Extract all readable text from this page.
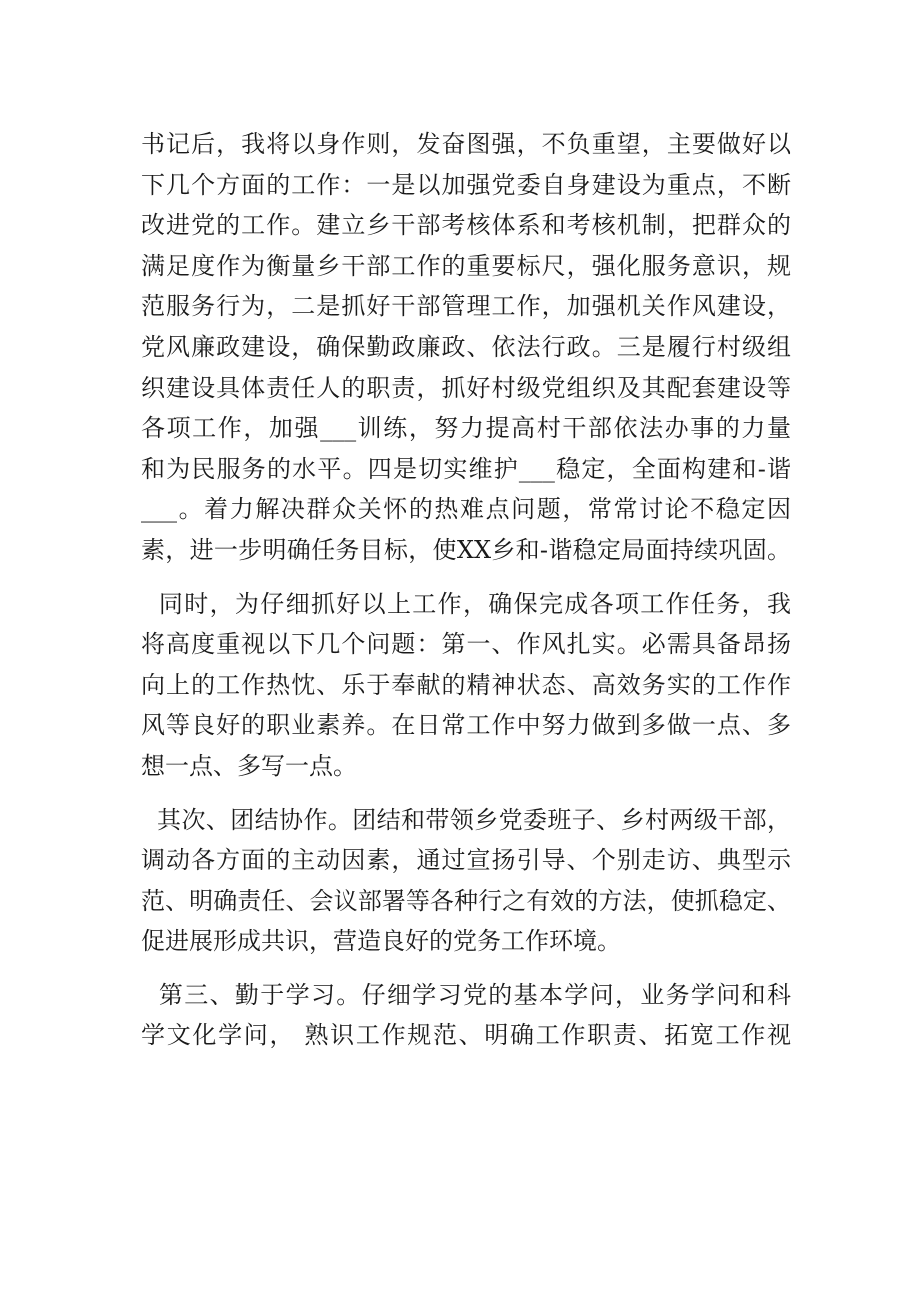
书记后，我将以身作则，发奋图强，不负重望，主要做好以
下几个方面的工作：一是以加强党委自身建设为重点，不断
改进党的工作。建立乡干部考核体系和考核机制，把群众的
满足度作为衡量乡干部工作的重要标尺，强化服务意识，规
范服务行为，二是抓好干部管理工作，加强机关作风建设，
党风廉政建设，确保勤政廉政、依法行政。三是履行村级组
织建设具体责任人的职责，抓好村级党组织及其配套建设等
各项工作，加强___训练，努力提高村干部依法办事的力量
和为民服务的水平。四是切实维护___稳定，全面构建和-谐
___。着力解决群众关怀的热难点问题，常常讨论不稳定因
素，进一步明确任务目标，使XX乡和-谐稳定局面持续巩固。
同时，为仔细抓好以上工作，确保完成各项工作任务，我
将高度重视以下几个问题：第一、作风扎实。必需具备昂扬
向上的工作热忱、乐于奉献的精神状态、高效务实的工作作
风等良好的职业素养。在日常工作中努力做到多做一点、多
想一点、多写一点。
其次、团结协作。团结和带领乡党委班子、乡村两级干部，
调动各方面的主动因素，通过宣扬引导、个别走访、典型示
范、明确责任、会议部署等各种行之有效的方法，使抓稳定、
促进展形成共识，营造良好的党务工作环境。
第三、勤于学习。仔细学习党的基本学问，业务学问和科
学文化学问， 熟识工作规范、明确工作职责、拓宽工作视
